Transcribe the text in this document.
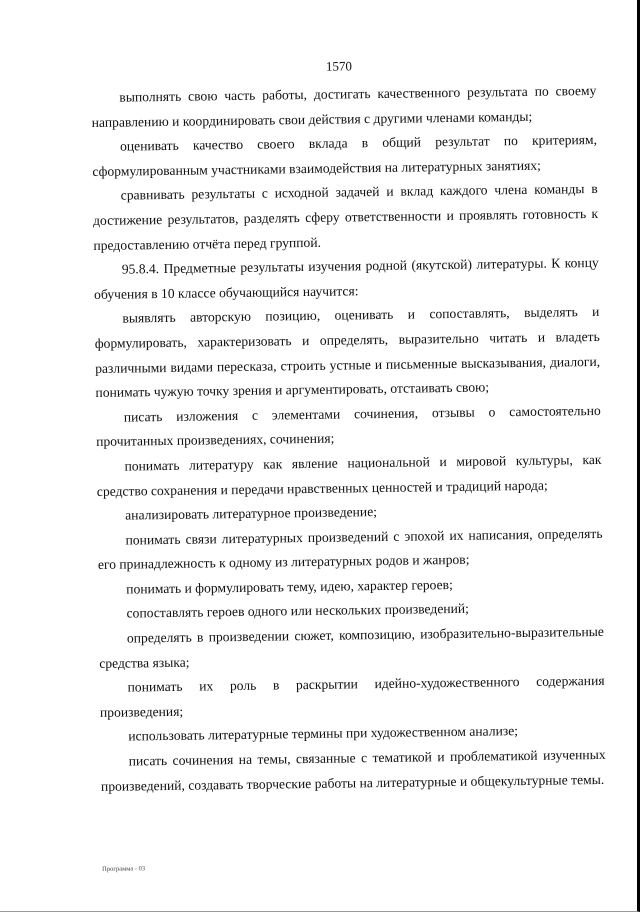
1570

выполнять свою часть работы, достигать качественного результата по своему направлению и координировать свои действия с другими членами команды;

оценивать качество своего вклада в общий результат по критериям, сформулированным участниками взаимодействия на литературных занятиях;

сравнивать результаты с исходной задачей и вклад каждого члена команды в достижение результатов, разделять сферу ответственности и проявлять готовность к предоставлению отчёта перед группой.

95.8.4. Предметные результаты изучения родной (якутской) литературы. К концу обучения в 10 классе обучающийся научится:

выявлять авторскую позицию, оценивать и сопоставлять, выделять и формулировать, характеризовать и определять, выразительно читать и владеть различными видами пересказа, строить устные и письменные высказывания, диалоги, понимать чужую точку зрения и аргументировать, отстаивать свою;

писать изложения с элементами сочинения, отзывы о самостоятельно прочитанных произведениях, сочинения;

понимать литературу как явление национальной и мировой культуры, как средство сохранения и передачи нравственных ценностей и традиций народа;

анализировать литературное произведение;

понимать связи литературных произведений с эпохой их написания, определять его принадлежность к одному из литературных родов и жанров;

понимать и формулировать тему, идею, характер героев;

сопоставлять героев одного или нескольких произведений;

определять в произведении сюжет, композицию, изобразительно-выразительные средства языка;

понимать их роль в раскрытии идейно-художественного содержания произведения;

использовать литературные термины при художественном анализе;

писать сочинения на темы, связанные с тематикой и проблематикой изученных произведений, создавать творческие работы на литературные и общекультурные темы.

Программа - 03
